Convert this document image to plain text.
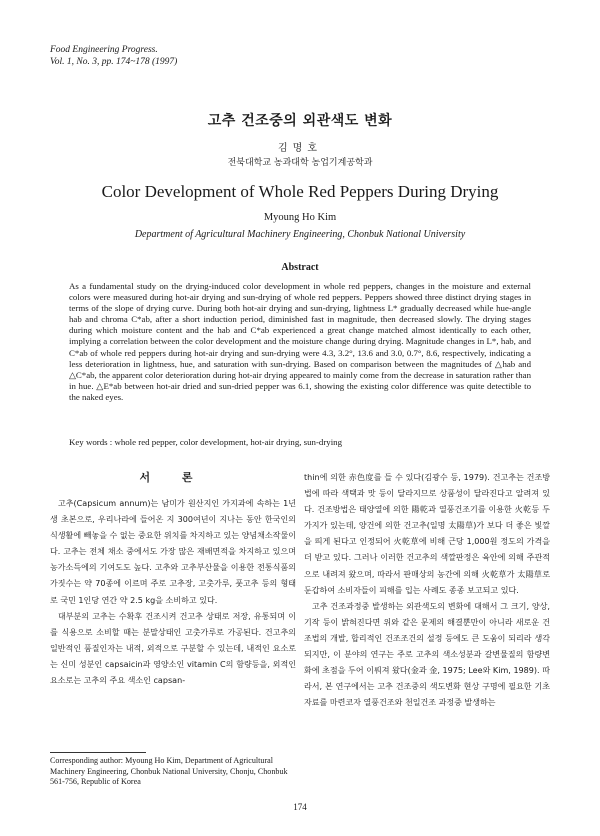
Food Engineering Progress.
Vol. 1, No. 3, pp. 174~178 (1997)
고추 건조중의 외관색도 변화
김명호
전북대학교 농과대학 농업기계공학과
Color Development of Whole Red Peppers During Drying
Myoung Ho Kim
Department of Agricultural Machinery Engineering, Chonbuk National University
Abstract
As a fundamental study on the drying-induced color development in whole red peppers, changes in the moisture and external colors were measured during hot-air drying and sun-drying of whole red peppers. Peppers showed three distinct drying stages in terms of the slope of drying curve. During both hot-air drying and sun-drying, lightness L* gradually decreased while hue-angle hab and chroma C*ab, after a short induction period, diminished fast in magnitude, then decreased slowly. The drying stages during which moisture content and the hab and C*ab experienced a great change matched almost identically to each other, implying a correlation between the color development and the moisture change during drying. Magnitude changes in L*, hab, and C*ab of whole red peppers during hot-air drying and sun-drying were 4.3, 3.2°, 13.6 and 3.0, 0.7°, 8.6, respectively, indicating a less deterioration in lightness, hue, and saturation with sun-drying. Based on comparison between the magnitudes of △hab and △C*ab, the apparent color deterioration during hot-air drying appeared to mainly come from the decrease in saturation rather than in hue. △E*ab between hot-air dried and sun-dried pepper was 6.1, showing the existing color difference was quite detectible to the naked eyes.
Key words : whole red pepper, color development, hot-air drying, sun-drying
서 론

고추(Capsicum annum)는 남미가 원산지인 가지과에 속하는 1년생 초본으로, 우리나라에 들어온 지 300여년이 지나는 동안 한국인의 식생활에 빼놓을 수 없는 중요한 위치를 차지하고 있는 양념채소작물이다. 고추는 전체 채소 중에서도 가장 많은 재배면적을 차지하고 있으며 농가소득에의 기여도도 높다. 고추와 고추부산물을 이용한 전통식품의 가짓수는 약 70종에 이르며 주로 고추장, 고춧가루, 풋고추 등의 형태로 국민 1인당 연간 약 2.5 kg을 소비하고 있다.

대부분의 고추는 수확후 건조시켜 건고추 상태로 저장, 유통되며 이를 식용으로 소비할 때는 분말상태인 고춧가루로 가공된다. 건고추의 일반적인 품질인자는 내적, 외적으로 구분할 수 있는데, 내적인 요소로는 신미 성분인 capsaicin과 영양소인 vitamin C의 함량등을, 외적인 요소로는 고추의 주요 색소인 capsan-

thin에 의한 赤色度를 들 수 있다(김광수 등, 1979). 건고추는 건조방법에 따라 색택과 맛 등이 달라지므로 상품성이 달라진다고 알려져 있다. 건조방법은 태양열에 의한 陽乾과 열풍건조기를 이용한 火乾등 두 가지가 있는데, 양건에 의한 건고추(일명 太陽草)가 보다 더 좋은 빛깔을 띄게 된다고 인정되어 火乾草에 비해 근당 1,000원 정도의 가격을 더 받고 있다. 그러나 이러한 건고추의 색깔판정은 육안에 의해 주관적으로 내려져 왔으며, 따라서 판매상의 농간에 의해 火乾草가 太陽草로 둔갑하여 소비자들이 피해를 입는 사례도 종종 보고되고 있다.

고추 건조과정중 발생하는 외관색도의 변화에 대해서 그 크기, 양상, 기작 등이 밝혀진다면 위와 같은 문제의 해결뿐만이 아니라 새로운 건조법의 개발, 합리적인 건조조건의 설정 등에도 큰 도움이 되리라 생각되지만, 이 분야의 연구는 주로 고추의 색소성분과 갈변물질의 함량변화에 초점을 두어 이뤄져 왔다(金과 金, 1975; Lee와 Kim, 1989). 따라서, 본 연구에서는 고추 건조중의 색도변화 현상 구명에 필요한 기초자료를 마련코자 열풍건조와 천일건조 과정중 발생하는

Corresponding author: Myoung Ho Kim, Department of Agricultural Machinery Engineering, Chonbuk National University, Chonju, Chonbuk 561-756, Republic of Korea
174
